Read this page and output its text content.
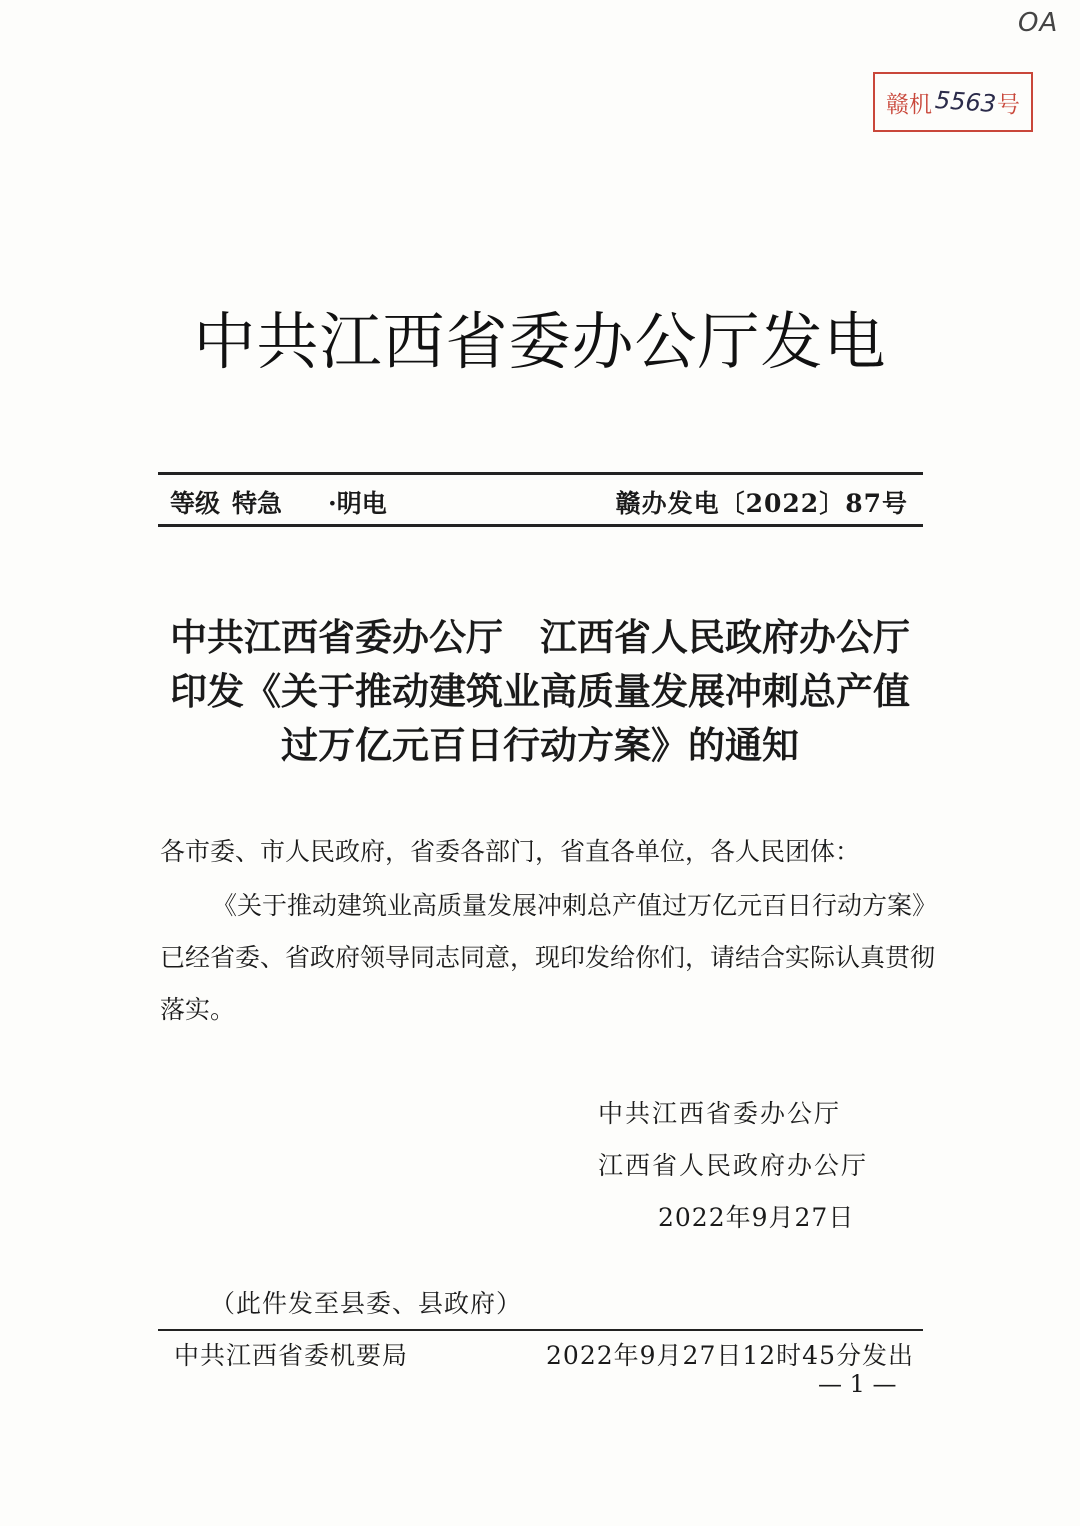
OA
赣机 5563 号
中共江西省委办公厅发电
等级 特急 ·明电	赣办发电〔2022〕87号
中共江西省委办公厅　江西省人民政府办公厅
印发《关于推动建筑业高质量发展冲刺总产值
过万亿元百日行动方案》的通知
各市委、市人民政府，省委各部门，省直各单位，各人民团体：
《关于推动建筑业高质量发展冲刺总产值过万亿元百日行动方案》已经省委、省政府领导同志同意，现印发给你们，请结合实际认真贯彻落实。
中共江西省委办公厅
江西省人民政府办公厅
2022年9月27日
（此件发至县委、县政府）
中共江西省委机要局	2022年9月27日12时45分发出
— 1 —
